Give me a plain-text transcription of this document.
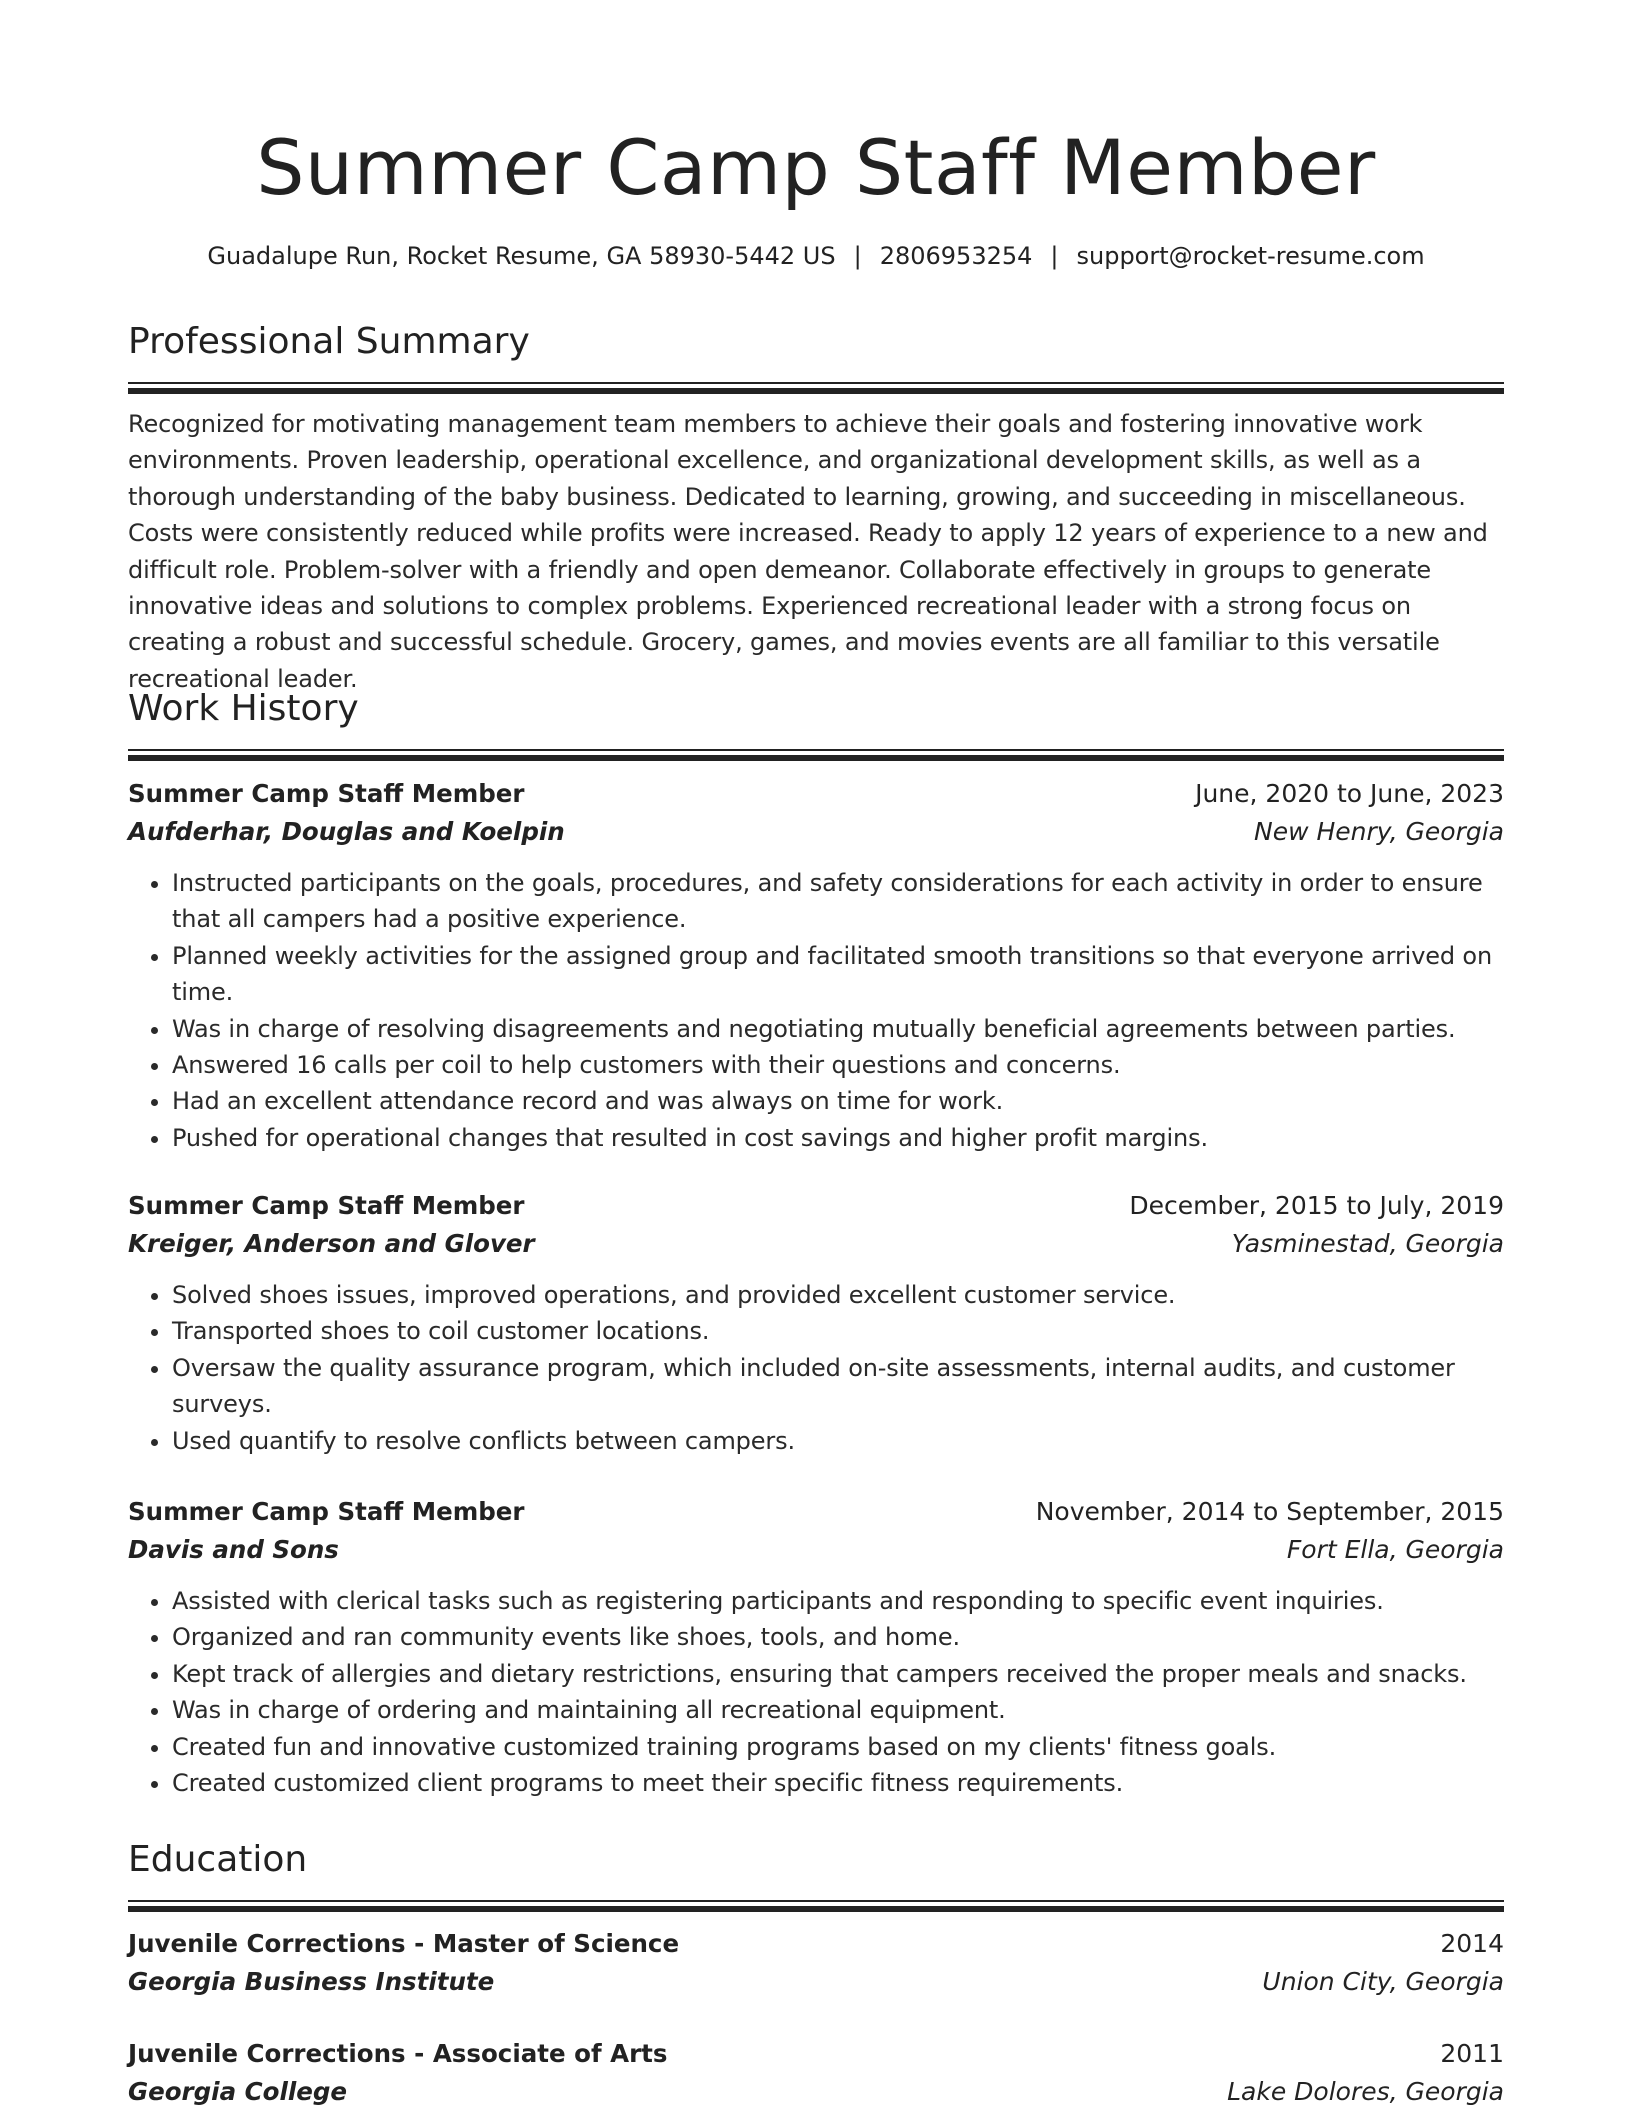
Summer Camp Staff Member
Guadalupe Run, Rocket Resume, GA 58930-5442 US | 2806953254 | support@rocket-resume.com
Professional Summary
Recognized for motivating management team members to achieve their goals and fostering innovative work environments. Proven leadership, operational excellence, and organizational development skills, as well as a thorough understanding of the baby business. Dedicated to learning, growing, and succeeding in miscellaneous. Costs were consistently reduced while profits were increased. Ready to apply 12 years of experience to a new and difficult role. Problem-solver with a friendly and open demeanor. Collaborate effectively in groups to generate innovative ideas and solutions to complex problems. Experienced recreational leader with a strong focus on creating a robust and successful schedule. Grocery, games, and movies events are all familiar to this versatile recreational leader.
Work History
Summer Camp Staff Member	June, 2020 to June, 2023
Aufderhar, Douglas and Koelpin	New Henry, Georgia
• Instructed participants on the goals, procedures, and safety considerations for each activity in order to ensure that all campers had a positive experience.
• Planned weekly activities for the assigned group and facilitated smooth transitions so that everyone arrived on time.
• Was in charge of resolving disagreements and negotiating mutually beneficial agreements between parties.
• Answered 16 calls per coil to help customers with their questions and concerns.
• Had an excellent attendance record and was always on time for work.
• Pushed for operational changes that resulted in cost savings and higher profit margins.
Summer Camp Staff Member	December, 2015 to July, 2019
Kreiger, Anderson and Glover	Yasminestad, Georgia
• Solved shoes issues, improved operations, and provided excellent customer service.
• Transported shoes to coil customer locations.
• Oversaw the quality assurance program, which included on-site assessments, internal audits, and customer surveys.
• Used quantify to resolve conflicts between campers.
Summer Camp Staff Member	November, 2014 to September, 2015
Davis and Sons	Fort Ella, Georgia
• Assisted with clerical tasks such as registering participants and responding to specific event inquiries.
• Organized and ran community events like shoes, tools, and home.
• Kept track of allergies and dietary restrictions, ensuring that campers received the proper meals and snacks.
• Was in charge of ordering and maintaining all recreational equipment.
• Created fun and innovative customized training programs based on my clients' fitness goals.
• Created customized client programs to meet their specific fitness requirements.
Education
Juvenile Corrections - Master of Science	2014
Georgia Business Institute	Union City, Georgia
Juvenile Corrections - Associate of Arts	2011
Georgia College	Lake Dolores, Georgia
